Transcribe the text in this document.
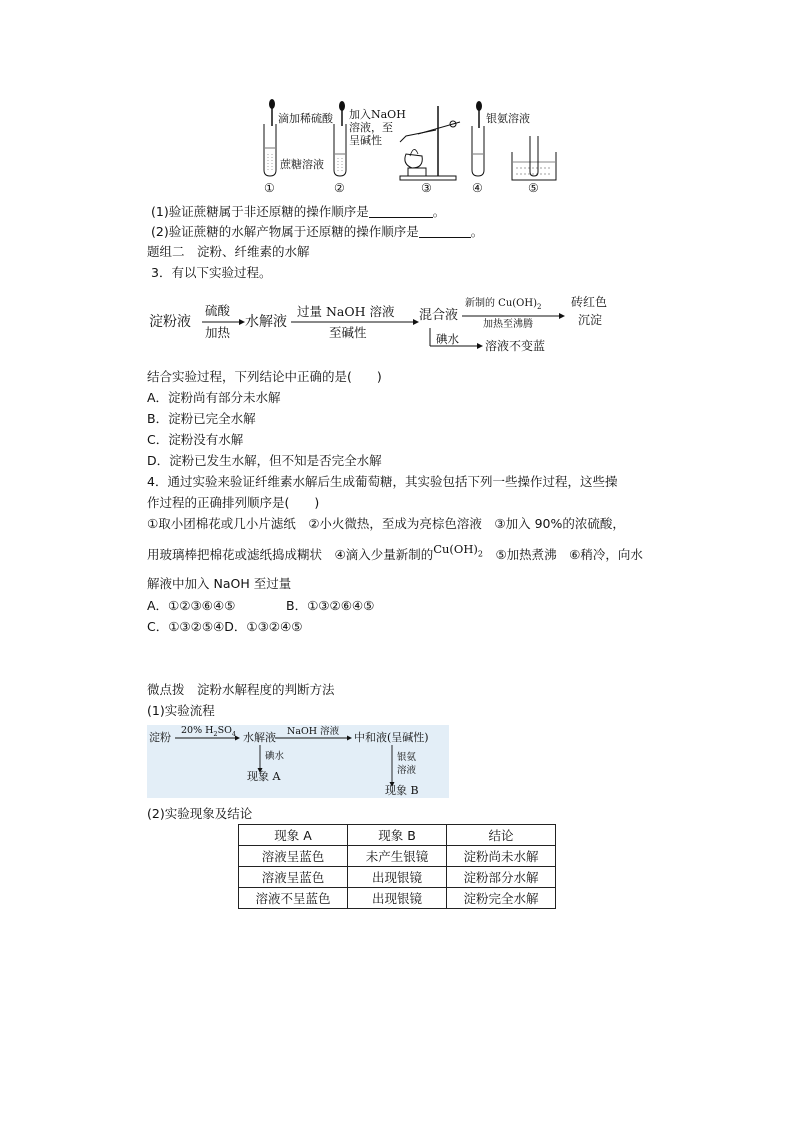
滴加稀硫酸 加入NaOH
溶液，至
呈碱性
银氨溶液
蔗糖溶液
①	②	③	④	⑤
(1)验证蔗糖属于非还原糖的操作顺序是	。
(2)验证蔗糖的水解产物属于还原糖的操作顺序是	。
题组二　淀粉、纤维素的水解
3．有以下实验过程。
淀粉液
硫酸
加热
水解液
过量 NaOH 溶液
至碱性
混合液
新制的 $Cu(OH)_2$
加热至沸腾
砖红色
沉淀
碘水 溶液不变蓝
结合实验过程，下列结论中正确的是(　　)
A．淀粉尚有部分未水解
B．淀粉已完全水解
C．淀粉没有水解
D．淀粉已发生水解，但不知是否完全水解
4．通过实验来验证纤维素水解后生成葡萄糖，其实验包括下列一些操作过程，这些操
作过程的正确排列顺序是(　　)
①取小团棉花或几小片滤纸　②小火微热，至成为亮棕色溶液　③加入 90%的浓硫酸，
用玻璃棒把棉花或滤纸捣成糊状　④滴入少量新制的$Cu(OH)_2$　⑤加热煮沸　⑥稍冷，向水
解液中加入 NaOH 至过量
A．①②③⑥④⑤	B．①③②⑥④⑤
C．①③②⑤④D．①③②④⑤
微点拨　淀粉水解程度的判断方法
(1)实验流程
淀粉
20% $H_2SO_4$ 水解液 NaOH 溶液 中和液(呈碱性)
碘水
现象 A
银氨
溶液
现象 B
(2)实验现象及结论
现象 A	现象 B	结论
溶液呈蓝色	未产生银镜	淀粉尚未水解
溶液呈蓝色	出现银镜	淀粉部分水解
溶液不呈蓝色	出现银镜	淀粉完全水解
